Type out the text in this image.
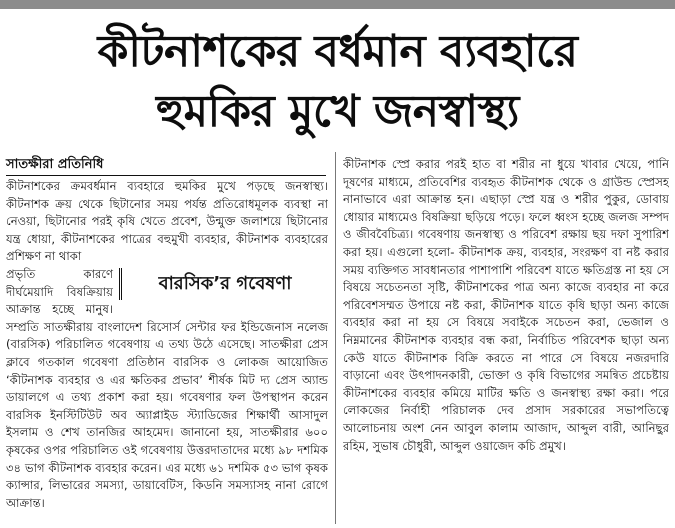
কীটনাশকের বর্ধমান ব্যবহারে
হুমকির মুখে জনস্বাস্থ্য
সাতক্ষীরা প্রতিনিধি

কীটনাশকের ক্রমবর্ধমান ব্যবহারে হুমকির মুখে পড়ছে জনস্বাস্থ্য। কীটনাশক ক্রয় থেকে ছিটানোর সময় পর্যন্ত প্রতিরোধমূলক ব্যবস্থা না নেওয়া, ছিটানোর পরই কৃষি খেতে প্রবেশ, উন্মুক্ত জলাশয়ে ছিটানোর যন্ত্র ধোয়া, কীটনাশকের পাত্রের বহুমুখী ব্যবহার, কীটনাশক ব্যবহারের প্রশিক্ষণ না থাকা

বারসিক’র গবেষণা

প্রভৃতি কারণে দীর্ঘমেয়াদি বিষক্রিয়ায় আক্রান্ত হচ্ছে মানুষ। সম্প্রতি সাতক্ষীরায় বাংলাদেশ রিসোর্স সেন্টার ফর ইন্ডিজেনাস নলেজ (বারসিক) পরিচালিত গবেষণায় এ তথ্য উঠে এসেছে। সাতক্ষীরা প্রেস ক্লাবে গতকাল গবেষণা প্রতিষ্ঠান বারসিক ও লোকজ আয়োজিত ‘কীটনাশক ব্যবহার ও এর ক্ষতিকর প্রভাব’ শীর্ষক মিট দ্য প্রেস অ্যান্ড ডায়ালগে এ তথ্য প্রকাশ করা হয়। গবেষণার ফল উপস্থাপন করেন বারসিক ইনস্টিটিউট অব অ্যাপ্লাইড স্ট্যাডিজের শিক্ষার্থী আসাদুল ইসলাম ও শেখ তানজির আহমেদ। জানানো হয়, সাতক্ষীরার ৬০০ কৃষকের ওপর পরিচালিত ওই গবেষণায় উত্তরদাতাদের মধ্যে ৯৮ দশমিক ৩৪ ভাগ কীটনাশক ব্যবহার করেন। এর মধ্যে ৬১ দশমিক ৫৩ ভাগ কৃষক ক্যান্সার, লিভারের সমস্যা, ডায়াবেটিস, কিডনি সমস্যাসহ নানা রোগে আক্রান্ত।

কীটনাশক স্প্রে করার পরই হাত বা শরীর না ধুয়ে খাবার খেয়ে, পানি দূষণের মাধ্যমে, প্রতিবেশির ব্যবহৃত কীটনাশক থেকে ও গ্রাউন্ড স্প্রেসহ নানাভাবে এরা আক্রান্ত হন। এছাড়া স্প্রে যন্ত্র ও শরীর পুকুর, ডোবায় ধোয়ার মাধ্যমেও বিষক্রিয়া ছড়িয়ে পড়ে। ফলে ধ্বংস হচ্ছে জলজ সম্পদ ও জীববৈচিত্র্য। গবেষণায় জনস্বাস্থ্য ও পরিবেশ রক্ষায় ছয় দফা সুপারিশ করা হয়। এগুলো হলো- কীটনাশক ক্রয়, ব্যবহার, সংরক্ষণ বা নষ্ট করার সময় ব্যক্তিগত সাবধানতার পাশাপাশি পরিবেশ যাতে ক্ষতিগ্রস্ত না হয় সে বিষয়ে সচেতনতা সৃষ্টি, কীটনাশকের পাত্র অন্য কাজে ব্যবহার না করে পরিবেশসম্মত উপায়ে নষ্ট করা, কীটনাশক যাতে কৃষি ছাড়া অন্য কাজে ব্যবহার করা না হয় সে বিষয়ে সবাইকে সচেতন করা, ভেজাল ও নিম্নমানের কীটনাশক ব্যবহার বন্ধ করা, নির্বাচিত পরিবেশক ছাড়া অন্য কেউ যাতে কীটনাশক বিক্রি করতে না পারে সে বিষয়ে নজরদারি বাড়ানো এবং উৎপাদনকারী, ভোক্তা ও কৃষি বিভাগের সমন্বিত প্রচেষ্টায় কীটনাশকের ব্যবহার কমিয়ে মাটির ক্ষতি ও জনস্বাস্থ্য রক্ষা করা। পরে লোকজের নির্বাহী পরিচালক দেব প্রসাদ সরকারের সভাপতিত্বে আলোচনায় অংশ নেন আবুল কালাম আজাদ, আব্দুল বারী, আনিছুর রহিম, সুভাষ চৌধুরী, আব্দুল ওয়াজেদ কচি প্রমুখ।
